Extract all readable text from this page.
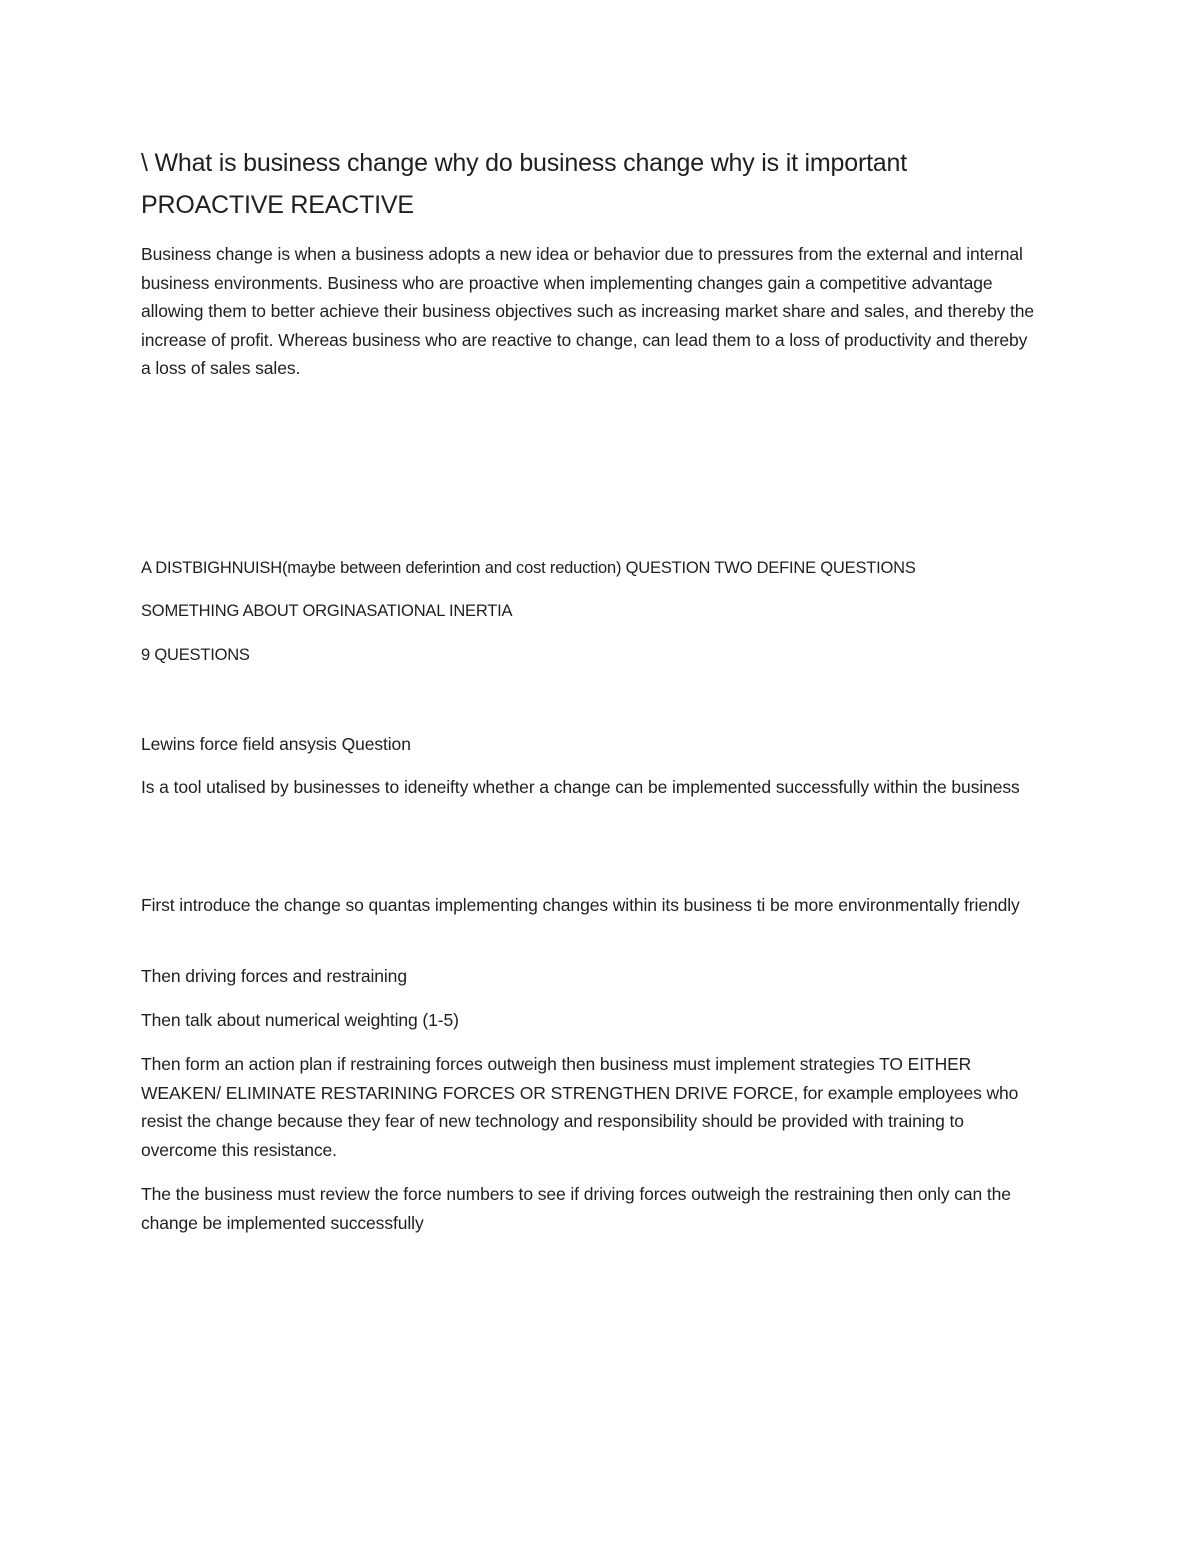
\ What is business change why do business change why is it important

PROACTIVE REACTIVE

Business change is when a business adopts a new idea or behavior due to pressures from the external and internal business environments. Business who are proactive when implementing changes gain a competitive advantage allowing them to better achieve their business objectives such as increasing market share and sales, and thereby the increase of profit. Whereas business who are reactive to change, can lead them to a loss of productivity and thereby a loss of sales sales.

A DISTBIGHNUISH(maybe between deferintion and cost reduction) QUESTION TWO DEFINE QUESTIONS

SOMETHING ABOUT ORGINASATIONAL INERTIA

9 QUESTIONS

Lewins force field ansysis Question

Is a tool utalised by businesses to ideneifty whether a change can be implemented successfully within the business

First introduce the change so quantas implementing changes within its business ti be more environmentally friendly

Then driving forces and restraining

Then talk about numerical weighting (1-5)

Then form an action plan if restraining forces outweigh then business must implement strategies TO EITHER WEAKEN/ ELIMINATE RESTARINING FORCES OR STRENGTHEN DRIVE FORCE, for example employees who resist the change because they fear of new technology and responsibility should be provided with training to overcome this resistance.

The the business must review the force numbers to see if driving forces outweigh the restraining then only can the change be implemented successfully
